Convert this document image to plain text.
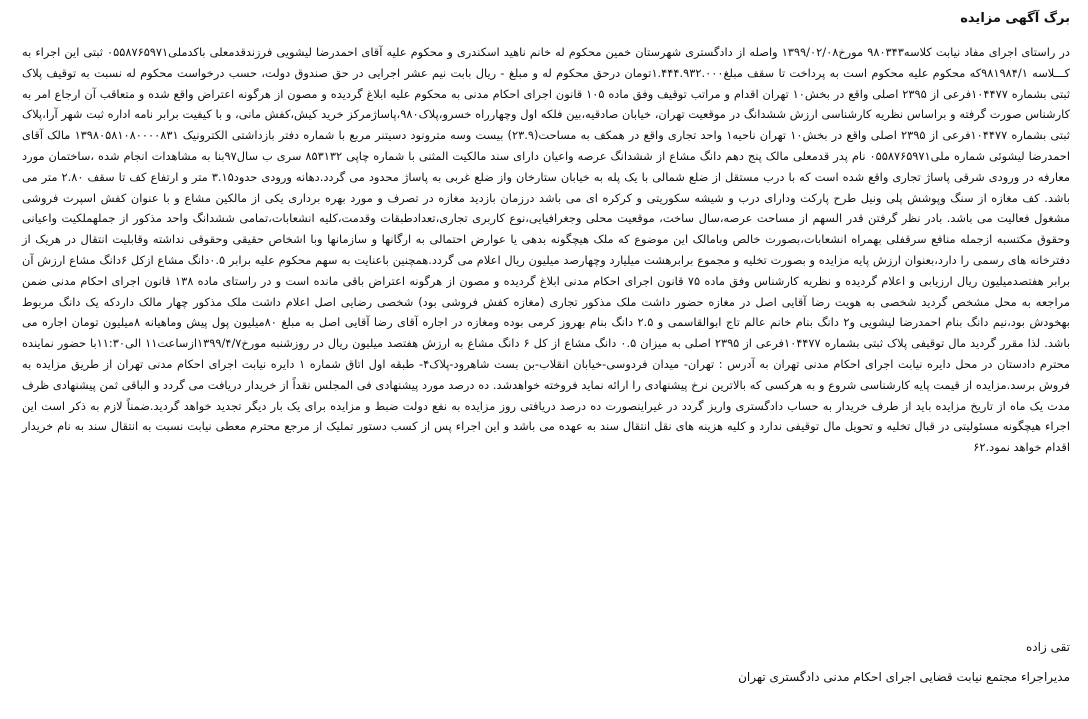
برگ آگهی مزایده

در راستای اجرای مفاد نیابت کلاسه۹۸۰۳۴۳ مورخ۱۳۹۹/۰۲/۰۸ واصله از دادگستری شهرستان خمین محکوم له خانم ناهید اسکندری و محکوم علیه آقای احمدرضا لیشویی فرزندقدمعلی باکدملی۰۵۵۸۷۶۵۹۷۱ ثبتی این اجراء به کـــلاسه ۹۸۱۹۸۴/۱که محکوم علیه محکوم است به پرداخت تا سقف مبلغ۱.۴۴۴.۹۳۲.۰۰۰تومان درحق محکوم له و مبلغ - ریال بابت نیم عشر اجرایی در حق صندوق دولت، حسب درخواست محکوم له نسبت به توقیف پلاک ثبتی بشماره ۱۰۴۴۷۷فرعی از ۲۳۹۵ اصلی واقع در بخش۱۰ تهران اقدام و مراتب توقیف وفق ماده ۱۰۵ قانون اجرای احکام مدنی به محکوم علیه ابلاغ گردیده و مصون از هرگونه اعتراض واقع شده و متعاقب آن ارجاع امر به کارشناس صورت گرفته و براساس نظریه کارشناسی ارزش ششدانگ در موقعیت تهران، خیابان صادقیه،بین فلکه اول وچهارراه خسرو،پلاک۹۸۰،پاساژمرکز خرید کیش،کفش مانی، و با کیفیت برابر نامه اداره ثبت شهر آرا،پلاک ثبتی بشماره ۱۰۴۴۷۷فرعی از ۲۳۹۵ اصلی واقع در بخش۱۰ تهران ناحیه۱ واحد تجاری واقع در همکف به مساحت(۲۳.۹) بیست وسه مترونود دسیتنر مربع با شماره دفتر بازداشتی الکترونیک ۱۳۹۸۰۵۸۱۰۸۰۰۰۰۸۳۱ مالک آقای احمدرضا لیشوئی شماره ملی۰۵۵۸۷۶۵۹۷۱ نام پدر قدمعلی مالک پنج دهم دانگ مشاع از ششدانگ عرصه واعیان دارای سند مالکیت المثنی با شماره چاپی ۸۵۳۱۳۲ سری ب سال۹۷بنا به مشاهدات انجام شده ،ساختمان مورد معارفه در ورودی شرقی پاساژ تجاری واقع شده است که با درب مستقل از ضلع شمالی با یک پله به خیابان ستارخان واز ضلع غربی به پاساژ محدود می گردد.دهانه ورودی حدود۳.۱۵ متر و ارتفاع کف تا سقف ۲.۸۰ متر می باشد. کف مغازه از سنگ وپوشش پلی ونیل طرح پارکت ودارای درب و شیشه سکوریتی و کرکره ای می باشد درزمان بازدید مغازه در تصرف و مورد بهره برداری یکی از مالکین مشاع و با عنوان کفش اسپرت فروشی مشغول فعالیت می باشد. بادر نظر گرفتن قدر السهم از مساحت عرصه،سال ساخت، موقعیت محلی وجغرافیایی،نوع کاربری تجاری،تعدادطبقات وقدمت،کلیه انشعابات،تمامی ششدانگ واحد مذکور از جملهملکیت واعیانی وحقوق مکتسبه ازجمله منافع سرقفلی بهمراه انشعابات،بصورت خالص وبامالک این موضوع که ملک هیچگونه بدهی یا عوارض احتمالی به ارگانها و سازمانها وبا اشخاص حقیقی وحقوقی نداشته وقابلیت انتقال در هریک از دفترخانه های رسمی را دارد،بعنوان ارزش پایه مزایده و بصورت تخلیه و مجموع برابرهشت میلیارد وچهارصد میلیون ریال اعلام می گردد.همچنین باعنایت به سهم محکوم علیه برابر ۰.۵دانگ مشاع ازکل ۶دانگ مشاع ارزش آن برابر هفتصدمیلیون ریال ارزیابی و اعلام گردیده و نظریه کارشناس وفق ماده ۷۵ قانون اجرای احکام مدنی ابلاغ گردیده و مصون از هرگونه اعتراض باقی مانده است و در راستای ماده ۱۳۸ قانون اجرای احکام مدنی ضمن مراجعه به محل مشخص گردید شخصی به هویت رضا آقایی اصل در مغازه حضور داشت ملک مذکور تجاری (مغازه کفش فروشی بود) شخصی رضایی اصل اعلام داشت ملک مذکور چهار مالک داردکه یک دانگ مربوط بهخودش بود،نیم دانگ بنام احمدرضا لیشویی و۲ دانگ بنام خانم عالم تاج ابوالقاسمی و ۲.۵ دانگ بنام بهروز کرمی بوده ومغازه در اجاره آقای رضا آقایی اصل به مبلغ ۸۰میلیون پول پیش وماهیانه ۸میلیون تومان اجاره می باشد. لذا مقرر گردید مال توقیفی پلاک ثبتی بشماره ۱۰۴۴۷۷فرعی از ۲۳۹۵ اصلی به میزان ۰.۵ دانگ مشاع از کل ۶ دانگ مشاع به ارزش هفتصد میلیون ریال در روزشنبه مورخ۱۳۹۹/۴/۷ازساعت۱۱ الی۱۱:۳۰با حضور نماینده محترم دادستان در محل دایره نیابت اجرای احکام مدنی تهران به آدرس : تهران- میدان فردوسی-خیابان انقلاب-بن بست شاهرود-پلاک۴- طبقه اول اتاق شماره ۱ دایره نیابت اجرای احکام مدنی تهران از طریق مزایده به فروش برسد.مزایده از قیمت پایه کارشناسی شروع و به هرکسی که بالاترین نرخ پیشنهادی را ارائه نماید فروخته خواهدشد. ده درصد مورد پیشنهادی فی المجلس نقداً از خریدار دریافت می گردد و الباقی ثمن پیشنهادی ظرف مدت یک ماه از تاریخ مزایده باید از طرف خریدار به حساب دادگستری واریز گردد در غیراینصورت ده درصد دریافتی روز مزایده به نفع دولت ضبط و مزایده برای یک بار دیگر تجدید خواهد گردید.ضمناً لازم به ذکر است این اجراء هیچگونه مسئولیتی در قبال تخلیه و تحویل مال توقیفی ندارد و کلیه هزینه های نقل انتقال سند به عهده می باشد و این اجراء پس از کسب دستور تملیک از مرجع محترم معطی نیابت نسبت به انتقال سند به نام خریدار اقدام خواهد نمود.۶۲

تقی زاده
مدیراجراء مجتمع نیابت قضایی اجرای احکام مدنی دادگستری تهران
